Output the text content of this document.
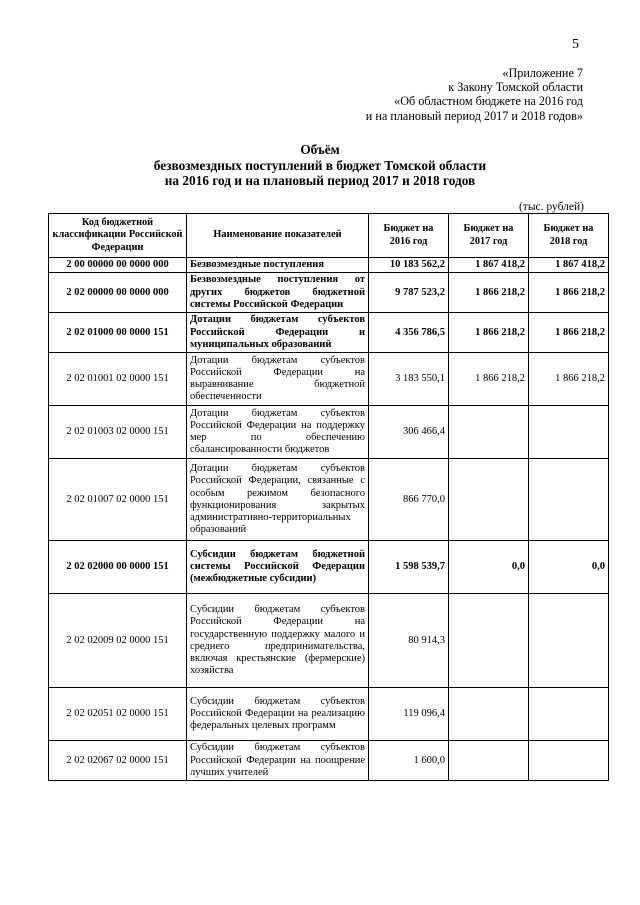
5
«Приложение 7
к Закону Томской области
«Об областном бюджете на 2016 год
и на плановый период 2017 и 2018 годов»
Объём
безвозмездных поступлений в бюджет Томской области
на 2016 год и на плановый период 2017 и 2018 годов
(тыс. рублей)
Код бюджетной классификации Российской Федерации	Наименование показателей	Бюджет на 2016 год	Бюджет на 2017 год	Бюджет на 2018 год
2 00 00000 00 0000 000	Безвозмездные поступления	10 183 562,2	1 867 418,2	1 867 418,2
2 02 00000 00 0000 000	Безвозмездные поступления от других бюджетов бюджетной системы Российской Федерации	9 787 523,2	1 866 218,2	1 866 218,2
2 02 01000 00 0000 151	Дотации бюджетам субъектов Российской Федерации и муниципальных образований	4 356 786,5	1 866 218,2	1 866 218,2
2 02 01001 02 0000 151	Дотации бюджетам субъектов Российской Федерации на выравнивание бюджетной обеспеченности	3 183 550,1	1 866 218,2	1 866 218,2
2 02 01003 02 0000 151	Дотации бюджетам субъектов Российской Федерации на поддержку мер по обеспечению сбалансированности бюджетов	306 466,4		
2 02 01007 02 0000 151	Дотации бюджетам субъектов Российской Федерации, связанные с особым режимом безопасного функционирования закрытых административно-территориальных образований	866 770,0		
2 02 02000 00 0000 151	Субсидии бюджетам бюджетной системы Российской Федерации (межбюджетные субсидии)	1 598 539,7	0,0	0,0
2 02 02009 02 0000 151	Субсидии бюджетам субъектов Российской Федерации на государственную поддержку малого и среднего предпринимательства, включая крестьянские (фермерские) хозяйства	80 914,3		
2 02 02051 02 0000 151	Субсидии бюджетам субъектов Российской Федерации на реализацию федеральных целевых программ	119 096,4		
2 02 02067 02 0000 151	Субсидии бюджетам субъектов Российской Федерации на поощрение лучших учителей	1 600,0		
